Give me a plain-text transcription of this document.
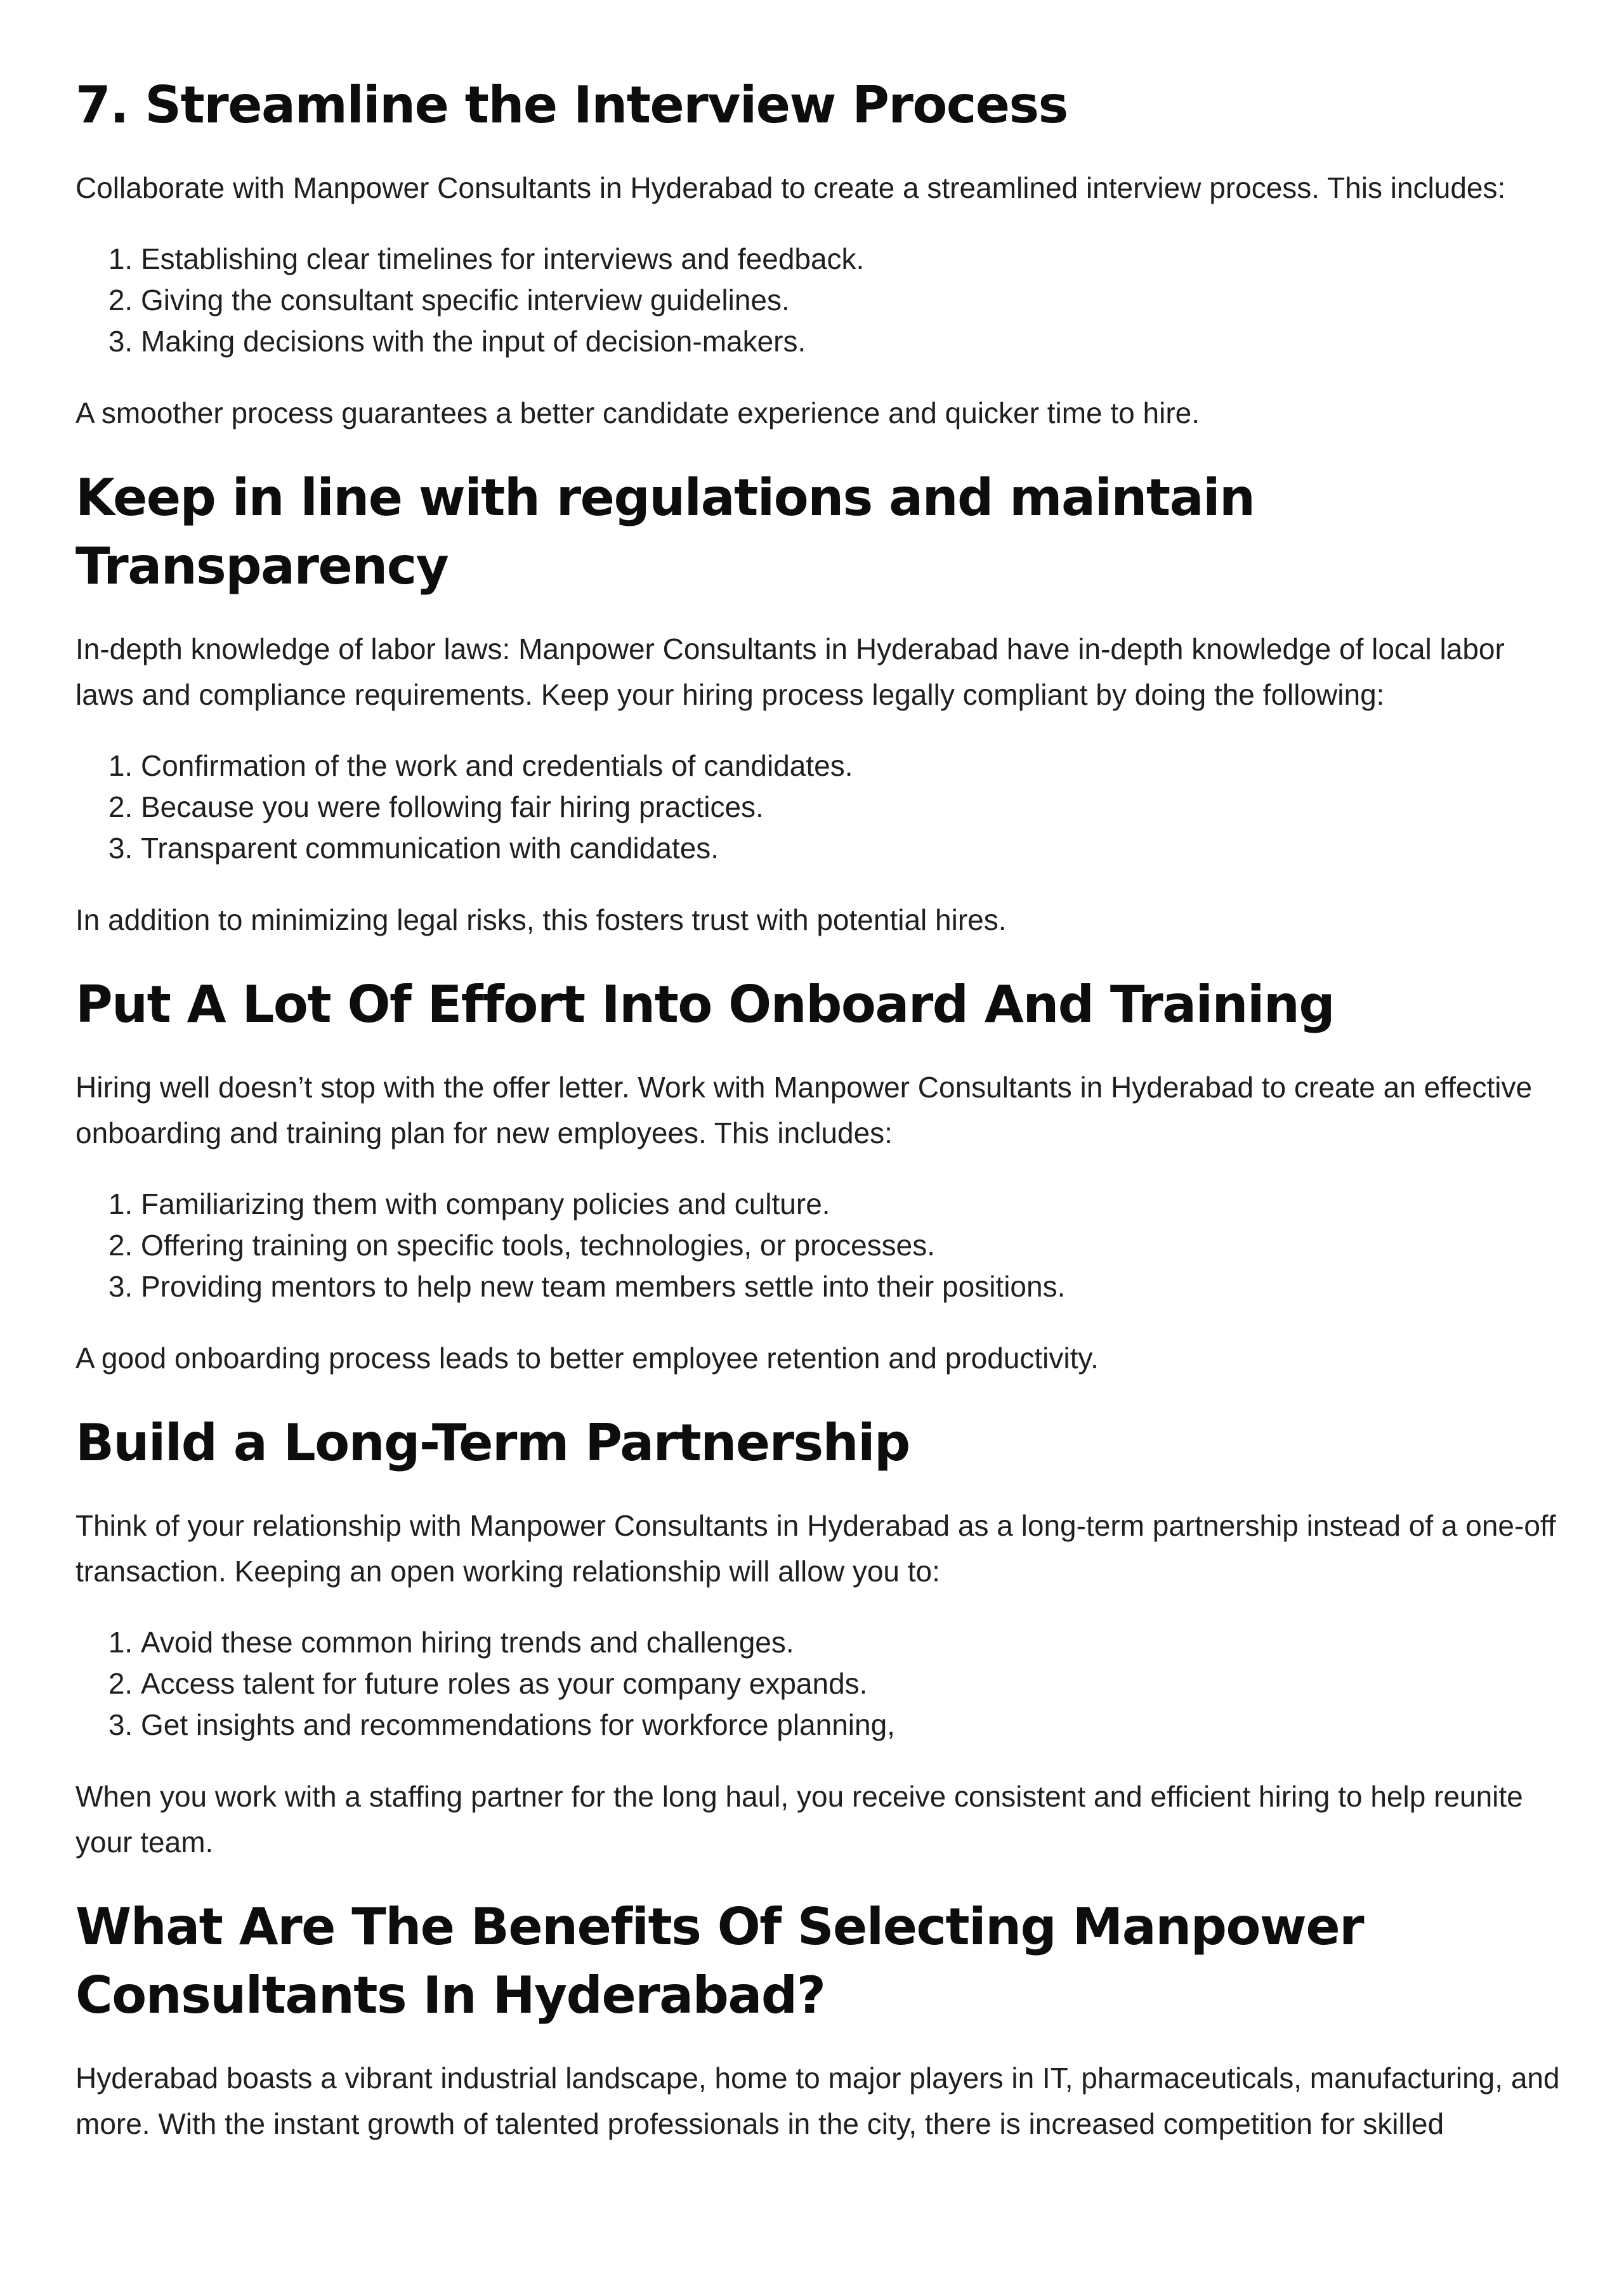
7. Streamline the Interview Process

Collaborate with Manpower Consultants in Hyderabad to create a streamlined interview process. This includes:

1. Establishing clear timelines for interviews and feedback.
2. Giving the consultant specific interview guidelines.
3. Making decisions with the input of decision-makers.

A smoother process guarantees a better candidate experience and quicker time to hire.

Keep in line with regulations and maintain Transparency

In-depth knowledge of labor laws: Manpower Consultants in Hyderabad have in-depth knowledge of local labor laws and compliance requirements. Keep your hiring process legally compliant by doing the following:

1. Confirmation of the work and credentials of candidates.
2. Because you were following fair hiring practices.
3. Transparent communication with candidates.

In addition to minimizing legal risks, this fosters trust with potential hires.

Put A Lot Of Effort Into Onboard And Training

Hiring well doesn’t stop with the offer letter. Work with Manpower Consultants in Hyderabad to create an effective onboarding and training plan for new employees. This includes:

1. Familiarizing them with company policies and culture.
2. Offering training on specific tools, technologies, or processes.
3. Providing mentors to help new team members settle into their positions.

A good onboarding process leads to better employee retention and productivity.

Build a Long-Term Partnership

Think of your relationship with Manpower Consultants in Hyderabad as a long-term partnership instead of a one-off transaction. Keeping an open working relationship will allow you to:

1. Avoid these common hiring trends and challenges.
2. Access talent for future roles as your company expands.
3. Get insights and recommendations for workforce planning,

When you work with a staffing partner for the long haul, you receive consistent and efficient hiring to help reunite your team.

What Are The Benefits Of Selecting Manpower Consultants In Hyderabad?

Hyderabad boasts a vibrant industrial landscape, home to major players in IT, pharmaceuticals, manufacturing, and more. With the instant growth of talented professionals in the city, there is increased competition for skilled
